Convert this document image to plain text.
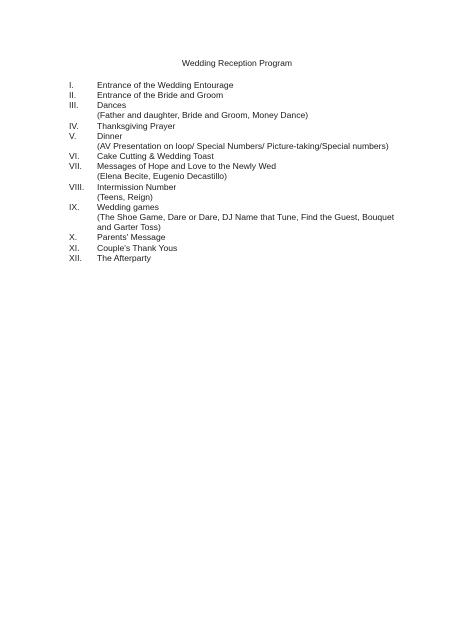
Wedding Reception Program
I.	Entrance of the Wedding Entourage
II.	Entrance of the Bride and Groom
III.	Dances
(Father and daughter, Bride and Groom, Money Dance)
IV.	Thanksgiving Prayer
V.	Dinner
(AV Presentation on loop/ Special Numbers/ Picture-taking/Special numbers)
VI.	Cake Cutting & Wedding Toast
VII.	Messages of Hope and Love to the Newly Wed
(Elena Becite, Eugenio Decastillo)
VIII.	Intermission Number
(Teens, Reign)
IX.	Wedding games
(The Shoe Game, Dare or Dare, DJ Name that Tune, Find the Guest, Bouquet and Garter Toss)
X.	Parents' Message
XI.	Couple's Thank Yous
XII.	The Afterparty
